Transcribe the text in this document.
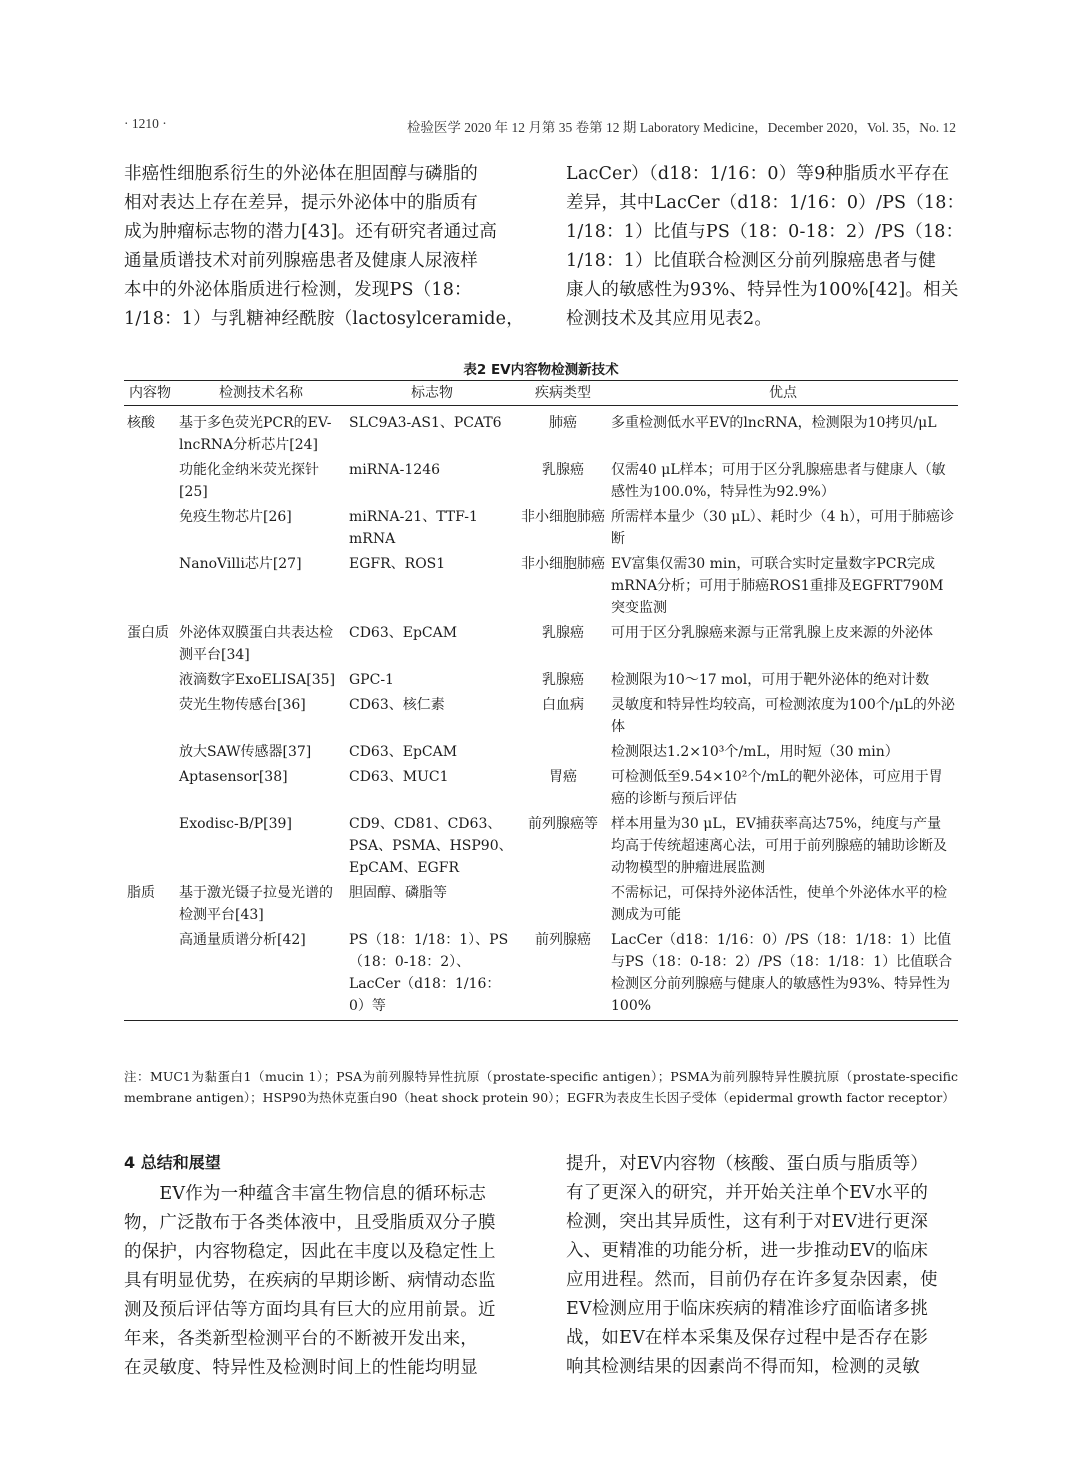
· 1210 ·	检验医学 2020 年 12 月第 35 卷第 12 期 Laboratory Medicine，December 2020，Vol. 35，No. 12
非癌性细胞系衍生的外泌体在胆固醇与磷脂的
相对表达上存在差异，提示外泌体中的脂质有
成为肿瘤标志物的潜力[43]。还有研究者通过高
通量质谱技术对前列腺癌患者及健康人尿液样
本中的外泌体脂质进行检测，发现PS（18：
1/18：1）与乳糖神经酰胺（lactosylceramide，
LacCer）（d18：1/16：0）等9种脂质水平存在
差异，其中LacCer（d18：1/16：0）/PS（18：
1/18：1）比值与PS（18：0-18：2）/PS（18：
1/18：1）比值联合检测区分前列腺癌患者与健
康人的敏感性为93%、特异性为100%[42]。相关
检测技术及其应用见表2。
表2 EV内容物检测新技术
内容物	检测技术名称	标志物	疾病类型	优点
核酸	基于多色荧光PCR的EV-lncRNA分析芯片[24]	SLC9A3-AS1、PCAT6	肺癌	多重检测低水平EV的lncRNA，检测限为10拷贝/μL
	功能化金纳米荧光探针[25]	miRNA-1246	乳腺癌	仅需40 μL样本；可用于区分乳腺癌患者与健康人（敏感性为100.0%，特异性为92.9%）
	免疫生物芯片[26]	miRNA-21、TTF-1 mRNA	非小细胞肺癌	所需样本量少（30 μL）、耗时少（4 h），可用于肺癌诊断
	NanoVilli芯片[27]	EGFR、ROS1	非小细胞肺癌	EV富集仅需30 min，可联合实时定量数字PCR完成mRNA分析；可用于肺癌ROS1重排及EGFRT790M突变监测
蛋白质	外泌体双膜蛋白共表达检测平台[34]	CD63、EpCAM	乳腺癌	可用于区分乳腺癌来源与正常乳腺上皮来源的外泌体
	液滴数字ExoELISA[35]	GPC-1	乳腺癌	检测限为10～17 mol，可用于靶外泌体的绝对计数
	荧光生物传感台[36]	CD63、核仁素	白血病	灵敏度和特异性均较高，可检测浓度为100个/μL的外泌体
	放大SAW传感器[37]	CD63、EpCAM		检测限达1.2×10³个/mL，用时短（30 min）
	Aptasensor[38]	CD63、MUC1	胃癌	可检测低至9.54×10²个/mL的靶外泌体，可应用于胃癌的诊断与预后评估
	Exodisc-B/P[39]	CD9、CD81、CD63、PSA、PSMA、HSP90、EpCAM、EGFR	前列腺癌等	样本用量为30 μL，EV捕获率高达75%，纯度与产量均高于传统超速离心法，可用于前列腺癌的辅助诊断及动物模型的肿瘤进展监测
脂质	基于激光镊子拉曼光谱的检测平台[43]	胆固醇、磷脂等		不需标记，可保持外泌体活性，使单个外泌体水平的检测成为可能
	高通量质谱分析[42]	PS（18：1/18：1）、PS（18：0-18：2）、LacCer（d18：1/16：0）等	前列腺癌	LacCer（d18：1/16：0）/PS（18：1/18：1）比值与PS（18：0-18：2）/PS（18：1/18：1）比值联合检测区分前列腺癌与健康人的敏感性为93%、特异性为100%
注：MUC1为黏蛋白1（mucin 1）；PSA为前列腺特异性抗原（prostate-specific antigen）；PSMA为前列腺特异性膜抗原（prostate-specific membrane antigen）；HSP90为热休克蛋白90（heat shock protein 90）；EGFR为表皮生长因子受体（epidermal growth factor receptor）
4 总结和展望
　　EV作为一种蕴含丰富生物信息的循环标志
物，广泛散布于各类体液中，且受脂质双分子膜
的保护，内容物稳定，因此在丰度以及稳定性上
具有明显优势，在疾病的早期诊断、病情动态监
测及预后评估等方面均具有巨大的应用前景。近
年来，各类新型检测平台的不断被开发出来，
在灵敏度、特异性及检测时间上的性能均明显
提升，对EV内容物（核酸、蛋白质与脂质等）
有了更深入的研究，并开始关注单个EV水平的
检测，突出其异质性，这有利于对EV进行更深
入、更精准的功能分析，进一步推动EV的临床
应用进程。然而，目前仍存在许多复杂因素，使
EV检测应用于临床疾病的精准诊疗面临诸多挑
战，如EV在样本采集及保存过程中是否存在影
响其检测结果的因素尚不得而知，检测的灵敏
